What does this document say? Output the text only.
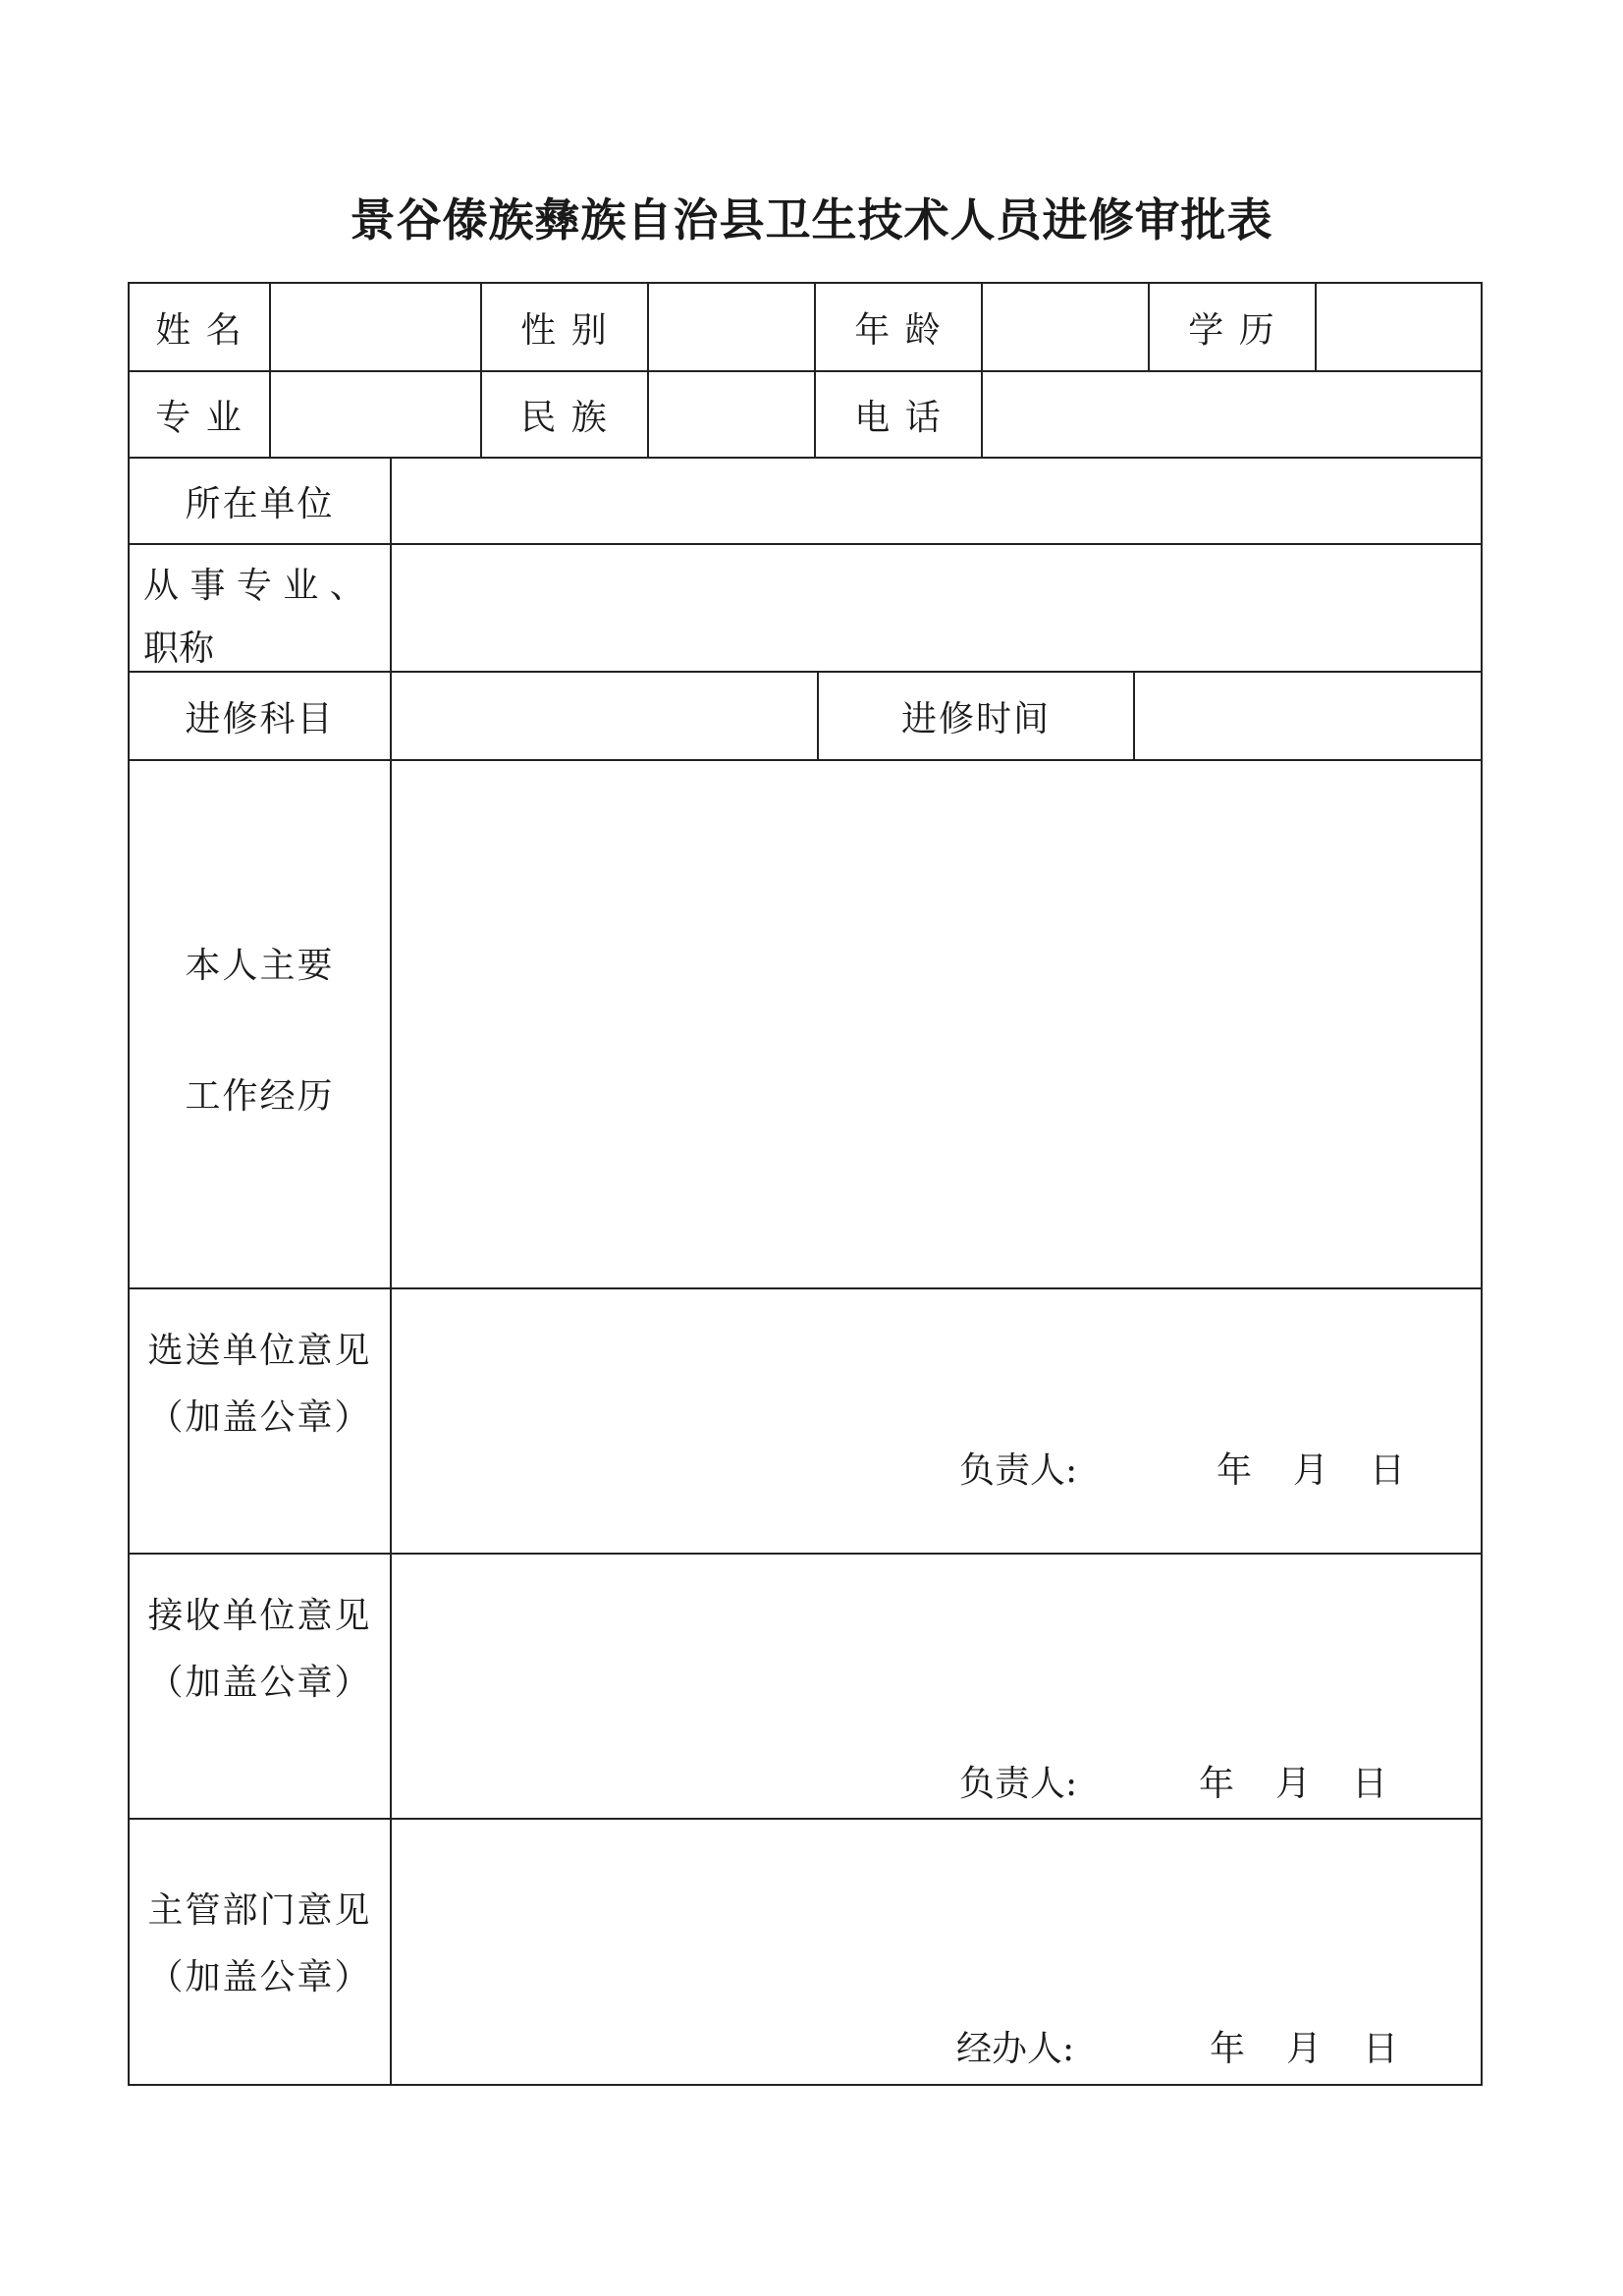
景谷傣族彝族自治县卫生技术人员进修审批表
姓 名	性 别	年 龄	学 历
专 业	民 族	电 话
所在单位
从 事 专 业 、
职称
进修科目	进修时间
本人主要
工作经历
选送单位意见
（加盖公章）
负责人:	年 月 日
接收单位意见
（加盖公章）
负责人:	年 月 日
主管部门意见
（加盖公章）
经办人:	年 月 日
